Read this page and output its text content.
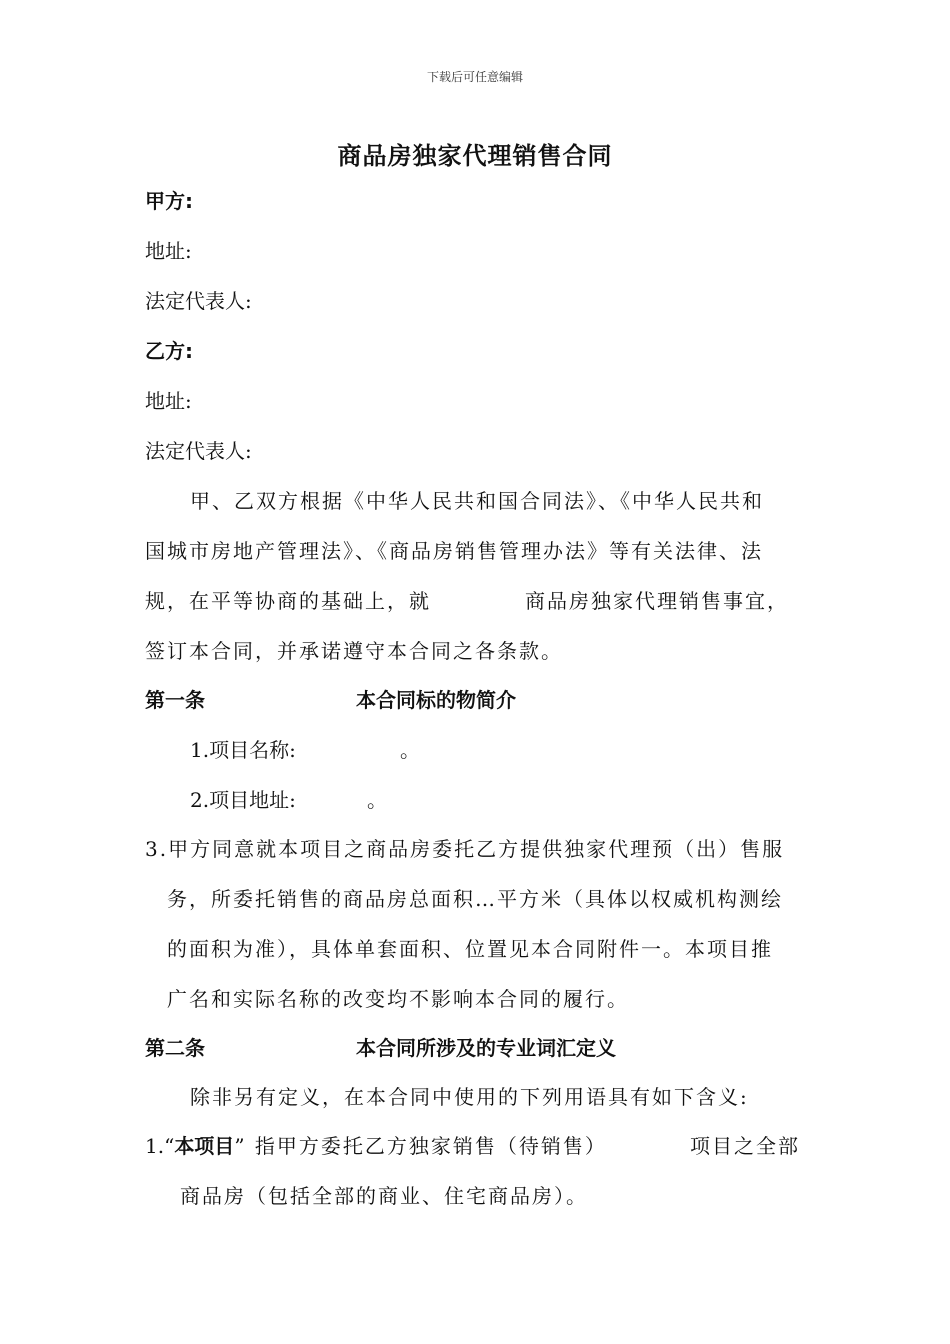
下载后可任意编辑
商品房独家代理销售合同
甲方:
地址:
法定代表人:
乙方:
地址:
法定代表人:
甲、乙双方根据《中华人民共和国合同法》、《中华人民共和
国城市房地产管理法》、《商品房销售管理办法》等有关法律、法
规，在平等协商的基础上，就	商品房独家代理销售事宜，
签订本合同，并承诺遵守本合同之各条款。
第一条	本合同标的物简介
1.项目名称:	。
2.项目地址:	。
3.甲方同意就本项目之商品房委托乙方提供独家代理预（出）售服
务，所委托销售的商品房总面积…平方米（具体以权威机构测绘
的面积为准），具体单套面积、位置见本合同附件一。本项目推
广名和实际名称的改变均不影响本合同的履行。
第二条	本合同所涉及的专业词汇定义
除非另有定义，在本合同中使用的下列用语具有如下含义:
1.“本项目” 指甲方委托乙方独家销售（待销售）	项目之全部
商品房（包括全部的商业、住宅商品房）。
